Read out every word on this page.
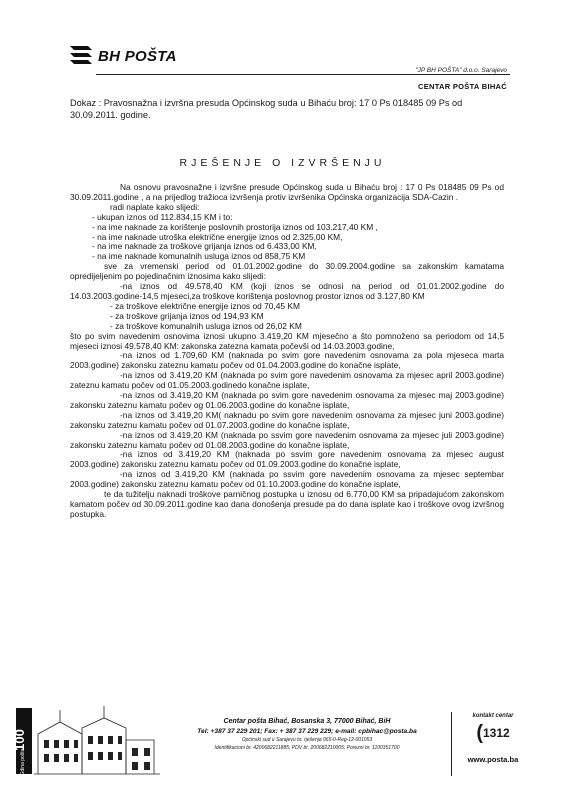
BH POŠTA
"JP BH POŠTA" d.o.o. Sarajevo
CENTAR POŠTA BIHAĆ
Dokaz : Pravosnažna i izvršna presuda Općinskog suda u Bihaću broj: 17 0 Ps 018485 09 Ps od 30.09.2011. godine.
RJEŠENJE O IZVRŠENJU

Na osnovu pravosnažne i izvršne presude Općinskog suda u Bihaću broj : 17 0 Ps 018485 09 Ps od 30.09.2011.godine , a na prijedlog tražioca izvršenja protiv izvršenika Općinska organizacija SDA-Cazin .

radi naplate kako slijedi:

- ukupan iznos od 112.834,15 KM i to:

- na ime naknade za korištenje poslovnih prostorija iznos od 103.217,40 KM ,

- na ime naknade utroška električne energije iznos od 2.325,00 KM,

- na ime naknade za troškove grijanja iznos od 6.433,00 KM,

- na ime naknade komunalnih usluga iznos od 858,75 KM

sve za vremenski period od 01.01.2002.godine do 30.09.2004.godine sa zakonskim kamatama opredijeljenim po pojedinačnim iznosima kako slijedi:

-na iznos od 49.578,40 KM (koji iznos se odnosi na period od 01.01.2002.godine do 14.03.2003.godine-14,5 mjeseci,za troškove korištenja poslovnog prostor iznos od 3.127,80 KM

- za troškove električne energije iznos od 70,45 KM

- za troškove grijanja iznos od 194,93 KM

- za troškove komunalnih usluga iznos od 26,02 KM

što po svim navedenim osnovima iznosi ukupno 3.419,20 KM mjesečno a što pomnoženo sa periodom od 14,5 mjeseci iznosi 49.578,40 KM: zakonska zatezna kamata počevši od 14.03.2003.godine,

-na iznos od 1.709,60 KM (naknada po svim gore navedenim osnovama za pola mjeseca marta 2003.godine) zakonsku zateznu kamatu počev od 01.04.2003.godine do konačne isplate,

-na iznos od 3.419,20 KM (naknada po svim gore navedenim osnovama za mjesec april 2003.godine) zateznu kamatu počev od 01.05.2003.godinedo konačne isplate,

-na iznos od 3.419,20 KM (naknada po svim gore navedenim osnovama za mjesec maj 2003.godine) zakonsku zateznu kamatu počev og 01.06.2003.godine do konačne isplate,

-na iznos od 3.419,20 KM( naknadu po svim gore navedenim osnovama za mjesec juni 2003.godine) zakonsku zateznu kamatu počev od 01.07.2003.godine do konačne isplate,

-na iznos od 3.419,20 KM (naknada po ssvim gore navedenim osnovama za mjesec juli 2003.godine) zakonsku zateznu kamatu počev od 01.08.2003.godine do konačne isplate,

-na iznos od 3.419,20 KM (naknada po ssvim gore navedenim osnovama za mjesec august 2003.godine) zakonsku zateznu kamatu počev od 01.09.2003.godine do konačne isplate,

-na iznos od 3.419,20 KM (naknada po ssvim gore navedenim osnovama za mjesec septembar 2003.godine) zakonsku zateznu kamatu počev od 01.10.2003.godine do konačne isplate,

te da tužitelju naknadi troškove parničnog postupka u iznosu od 6.770,00 KM sa pripadajućom zakonskom kamatom počev od 30.09.2011.godine kao dana donošenja presude pa do dana isplate kao i troškove ovog izvršnog postupka.

100
Gdina pošta
Centar pošta Bihać, Bosanska 3, 77000 Bihać, BiH
Tel: +387 37 229 201; Fax: + 387 37 229 229; e-mail: cpbihac@posta.ba
Općinski sud u Sarajevu br. rješenja 065-0-Reg-12-001053
Identifikacioni br. 4200682211885; PDV br. 200682210005; Porezni br. 1100351700
kontakt centar
(1312
www.posta.ba
